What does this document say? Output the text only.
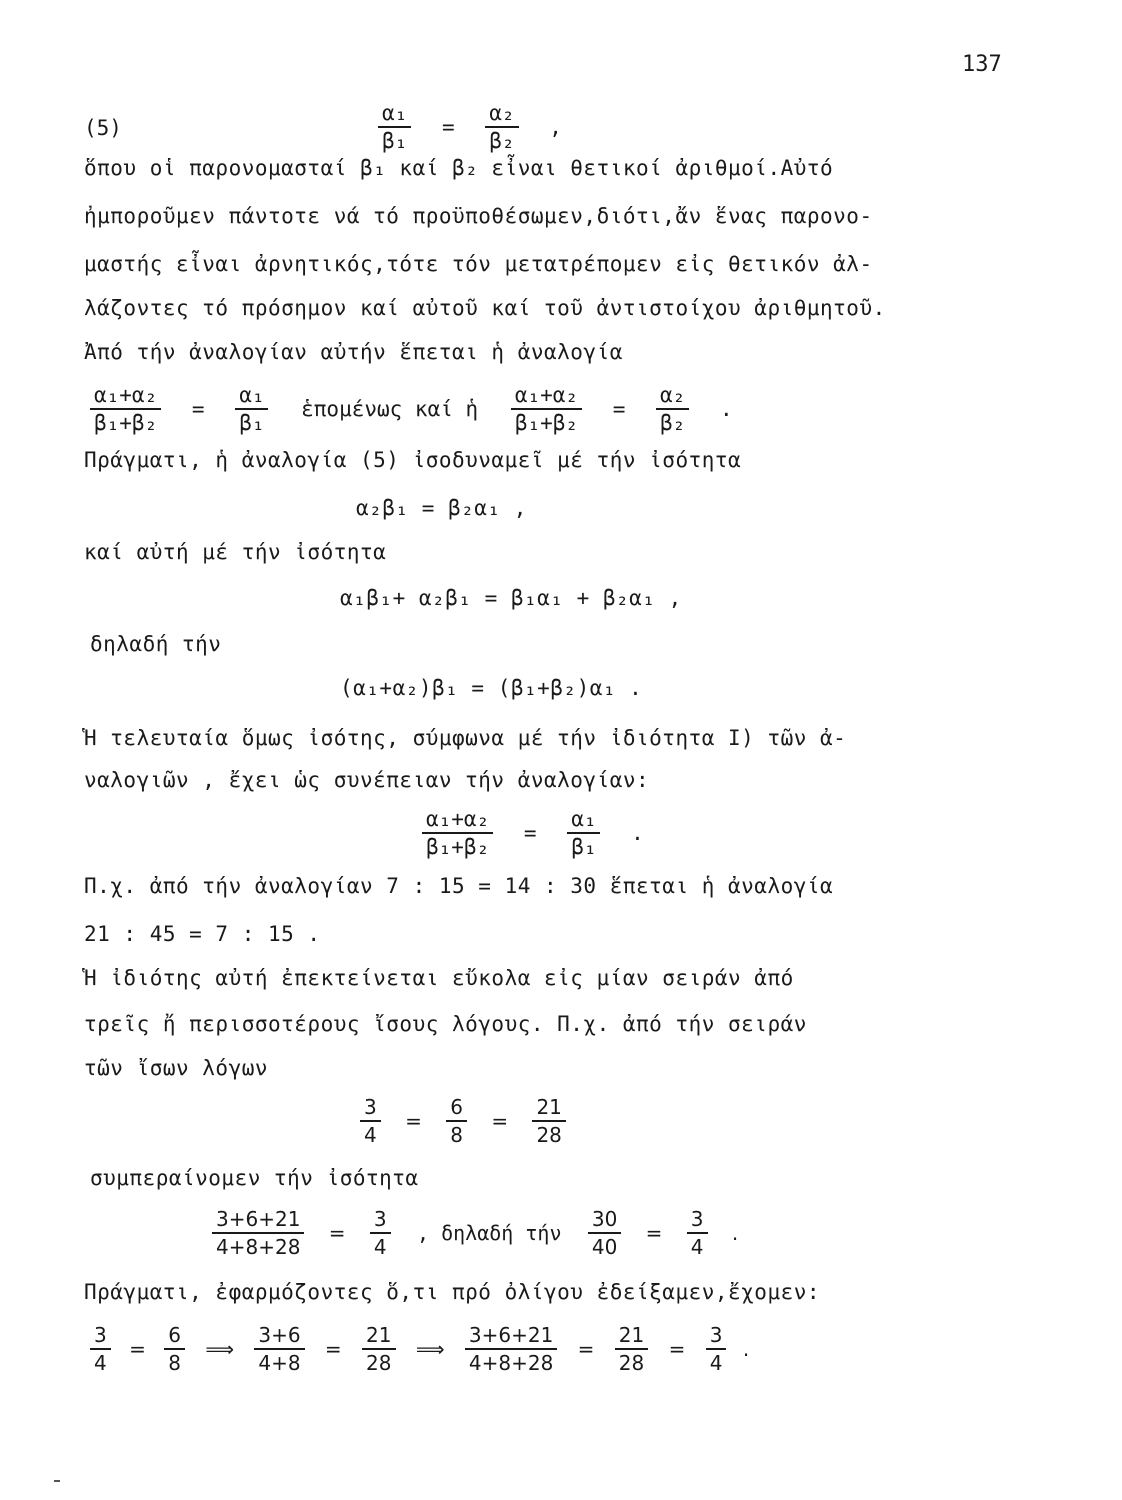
137
(5)	$\frac{\text{α₁}}{\text{β₁}} = \frac{\text{α₂}}{\text{β₂}}$ ,
ὅπου οἱ παρονομασταί β₁ καί β₂ εἶναι θετικοί ἀριθμοί.Αὐτό
ἠμποροῦμεν πάντοτε νά τό προϋποθέσωμεν,διότι,ἄν ἕνας παρονο-
μαστής εἶναι ἀρνητικός,τότε τόν μετατρέπομεν εἰς θετικόν ἀλ-
λάζοντες τό πρόσημον καί αὐτοῦ καί τοῦ ἀντιστοίχου ἀριθμητοῦ.
Ἀπό τήν ἀναλογίαν αὐτήν ἕπεται ἡ ἀναλογία
$\frac{\text{α₁+α₂}}{\text{β₁+β₂}} = \frac{\text{α₁}}{\text{β₁}}$ ἑπομένως καί ἡ $\frac{\text{α₁+α₂}}{\text{β₁+β₂}} = \frac{\text{α₂}}{\text{β₂}}$ .
Πράγματι, ἡ ἀναλογία (5) ἰσοδυναμεῖ μέ τήν ἰσότητα
α₂β₁ = β₂α₁ ,
καί αὐτή μέ τήν ἰσότητα
α₁β₁+ α₂β₁ = β₁α₁ + β₂α₁ ,
δηλαδή τήν
(α₁+α₂)β₁ = (β₁+β₂)α₁ .
Ἡ τελευταία ὅμως ἰσότης, σύμφωνα μέ τήν ἰδιότητα I) τῶν ἀ-
ναλογιῶν , ἔχει ὡς συνέπειαν τήν ἀναλογίαν:
$\frac{\text{α₁+α₂}}{\text{β₁+β₂}} = \frac{\text{α₁}}{\text{β₁}}$ .
Π.χ. ἀπό τήν ἀναλογίαν 7 : 15 = 14 : 30 ἕπεται ἡ ἀναλογία
21 : 45 = 7 : 15 .
Ἡ ἰδιότης αὐτή ἐπεκτείνεται εὔκολα εἰς μίαν σειράν ἀπό
τρεῖς ἤ περισσοτέρους ἴσους λόγους. Π.χ. ἀπό τήν σειράν
τῶν ἴσων λόγων
$\frac{3}{4} = \frac{6}{8} = \frac{21}{28}$
συμπεραίνομεν τήν ἰσότητα
$\frac{3+6+21}{4+8+28} = \frac{3}{4}$ , δηλαδή τήν $\frac{30}{40} = \frac{3}{4}$ .
Πράγματι, ἐφαρμόζοντες ὅ,τι πρό ὀλίγου ἐδείξαμεν,ἔχομεν:
$\frac{3}{4} = \frac{6}{8}$ ⟹ $\frac{3+6}{4+8} = \frac{21}{28}$ ⟹ $\frac{3+6+21}{4+8+28} = \frac{21}{28} = \frac{3}{4}$ .
